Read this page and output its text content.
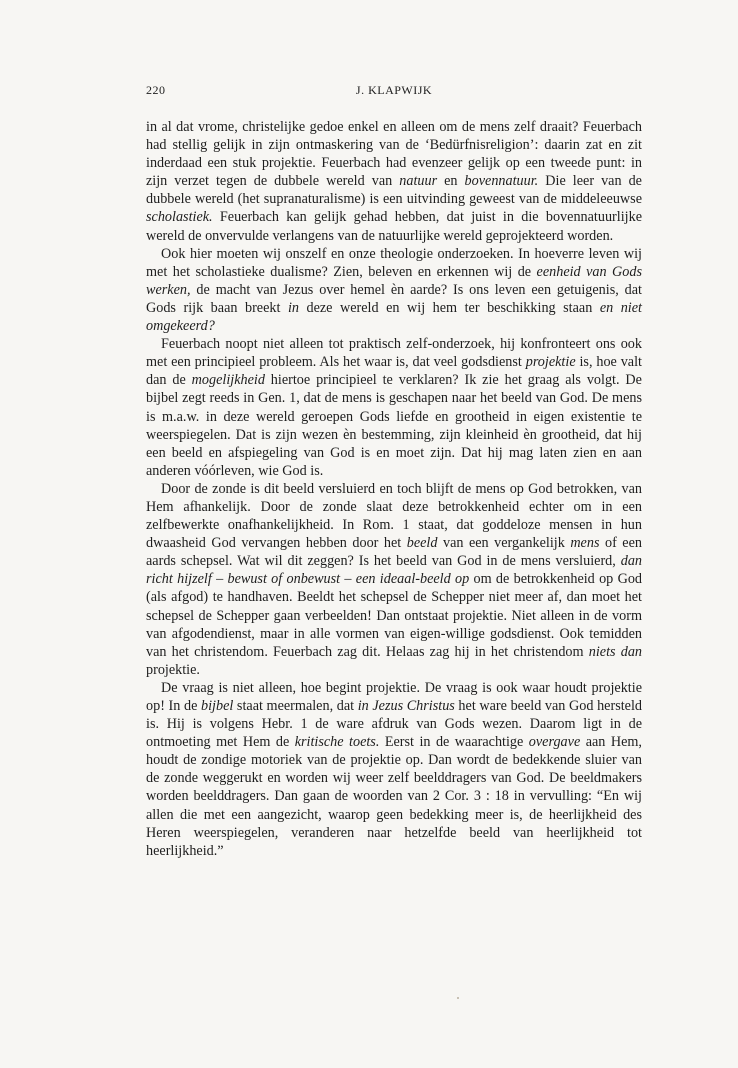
220	J. KLAPWIJK

in al dat vrome, christelijke gedoe enkel en alleen om de mens zelf draait? Feuerbach had stellig gelijk in zijn ontmaskering van de ‘Bedürfnisreligion’: daarin zat en zit inderdaad een stuk projektie. Feuerbach had evenzeer gelijk op een tweede punt: in zijn verzet tegen de dubbele wereld van natuur en bovennatuur. Die leer van de dubbele wereld (het supranaturalisme) is een uitvinding geweest van de middeleeuwse scholastiek. Feuerbach kan gelijk gehad hebben, dat juist in die bovennatuurlijke wereld de onvervulde verlangens van de natuurlijke wereld geprojekteerd worden.

Ook hier moeten wij onszelf en onze theologie onderzoeken. In hoeverre leven wij met het scholastieke dualisme? Zien, beleven en erkennen wij de eenheid van Gods werken, de macht van Jezus over hemel èn aarde? Is ons leven een getuigenis, dat Gods rijk baan breekt in deze wereld en wij hem ter beschikking staan en niet omgekeerd?

Feuerbach noopt niet alleen tot praktisch zelf-onderzoek, hij konfronteert ons ook met een principieel probleem. Als het waar is, dat veel godsdienst projektie is, hoe valt dan de mogelijkheid hiertoe principieel te verklaren? Ik zie het graag als volgt. De bijbel zegt reeds in Gen. 1, dat de mens is geschapen naar het beeld van God. De mens is m.a.w. in deze wereld geroepen Gods liefde en grootheid in eigen existentie te weerspiegelen. Dat is zijn wezen èn bestemming, zijn kleinheid èn grootheid, dat hij een beeld en afspiegeling van God is en moet zijn. Dat hij mag laten zien en aan anderen vóórleven, wie God is.

Door de zonde is dit beeld versluierd en toch blijft de mens op God betrokken, van Hem afhankelijk. Door de zonde slaat deze betrokkenheid echter om in een zelfbewerkte onafhankelijkheid. In Rom. 1 staat, dat goddeloze mensen in hun dwaasheid God vervangen hebben door het beeld van een vergankelijk mens of een aards schepsel. Wat wil dit zeggen? Is het beeld van God in de mens versluierd, dan richt hijzelf – bewust of onbewust – een ideaal-beeld op om de betrokkenheid op God (als afgod) te handhaven. Beeldt het schepsel de Schepper niet meer af, dan moet het schepsel de Schepper gaan verbeelden! Dan ontstaat projektie. Niet alleen in de vorm van afgodendienst, maar in alle vormen van eigen-willige godsdienst. Ook temidden van het christendom. Feuerbach zag dit. Helaas zag hij in het christendom niets dan projektie.

De vraag is niet alleen, hoe begint projektie. De vraag is ook waar houdt projektie op! In de bijbel staat meermalen, dat in Jezus Christus het ware beeld van God hersteld is. Hij is volgens Hebr. 1 de ware afdruk van Gods wezen. Daarom ligt in de ontmoeting met Hem de kritische toets. Eerst in de waarachtige overgave aan Hem, houdt de zondige motoriek van de projektie op. Dan wordt de bedekkende sluier van de zonde weggerukt en worden wij weer zelf beelddragers van God. De beeldmakers worden beelddragers. Dan gaan de woorden van 2 Cor. 3 : 18 in vervulling: “En wij allen die met een aangezicht, waarop geen bedekking meer is, de heerlijkheid des Heren weerspiegelen, veranderen naar hetzelfde beeld van heerlijkheid tot heerlijkheid.”
